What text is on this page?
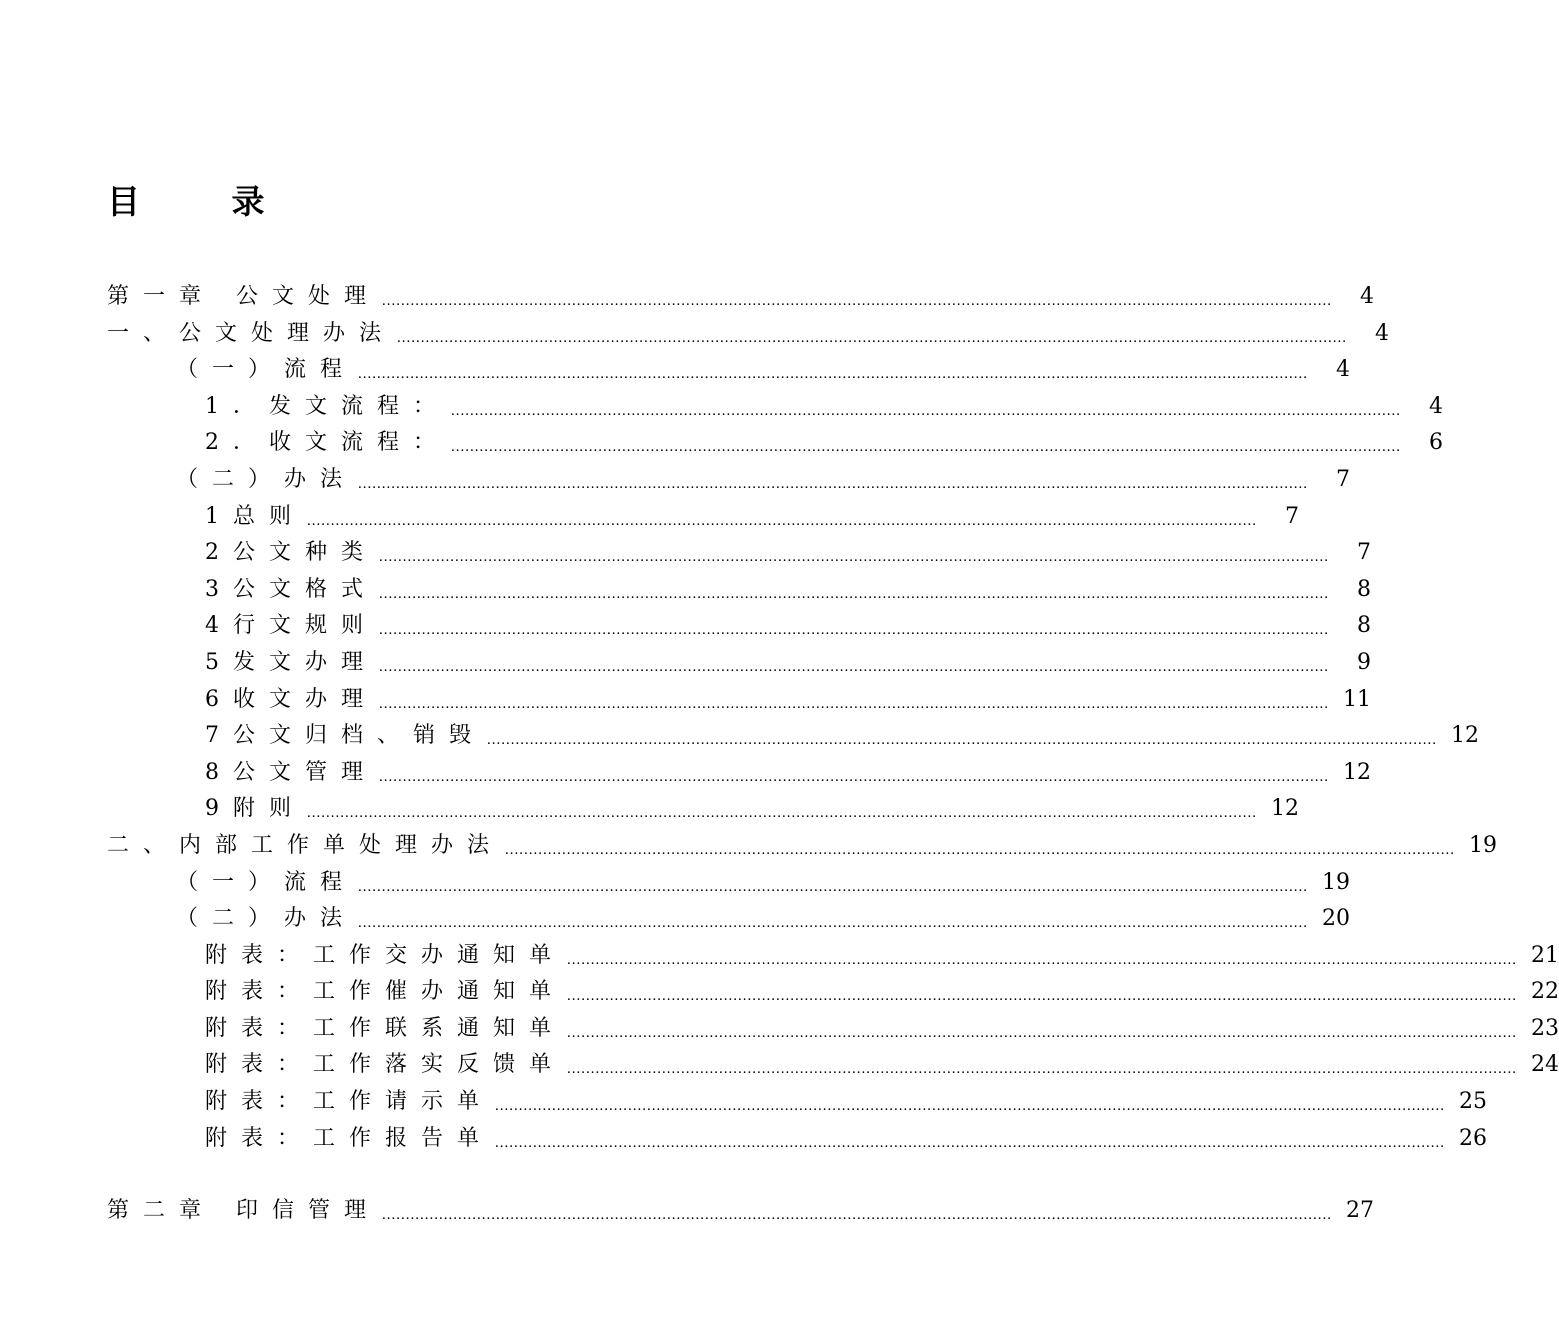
目 录
第一章 公文处理 ........................................................................................................................................................................................................	4
一、公文处理办法 ........................................................................................................................................................................................................	4
（一）流程 ........................................................................................................................................................................................................	4
1．发文流程： ........................................................................................................................................................................................................	4
2．收文流程： ........................................................................................................................................................................................................	6
（二）办法 ........................................................................................................................................................................................................	7
1总则 ........................................................................................................................................................................................................	7
2公文种类 ........................................................................................................................................................................................................	7
3公文格式 ........................................................................................................................................................................................................	8
4行文规则 ........................................................................................................................................................................................................	8
5发文办理 ........................................................................................................................................................................................................	9
6收文办理 ........................................................................................................................................................................................................ 11
7公文归档、销毁 ........................................................................................................................................................................................................ 12
8公文管理 ........................................................................................................................................................................................................ 12
9附则 ........................................................................................................................................................................................................ 12
二、内部工作单处理办法 ........................................................................................................................................................................................................ 19
（一）流程 ........................................................................................................................................................................................................ 19
（二）办法 ........................................................................................................................................................................................................ 20
附表：工作交办通知单 ........................................................................................................................................................................................................ 21
附表：工作催办通知单 ........................................................................................................................................................................................................ 22
附表：工作联系通知单 ........................................................................................................................................................................................................ 23
附表：工作落实反馈单 ........................................................................................................................................................................................................ 24
附表：工作请示单 ........................................................................................................................................................................................................ 25
附表：工作报告单 ........................................................................................................................................................................................................ 26
第二章 印信管理 ........................................................................................................................................................................................................ 27
